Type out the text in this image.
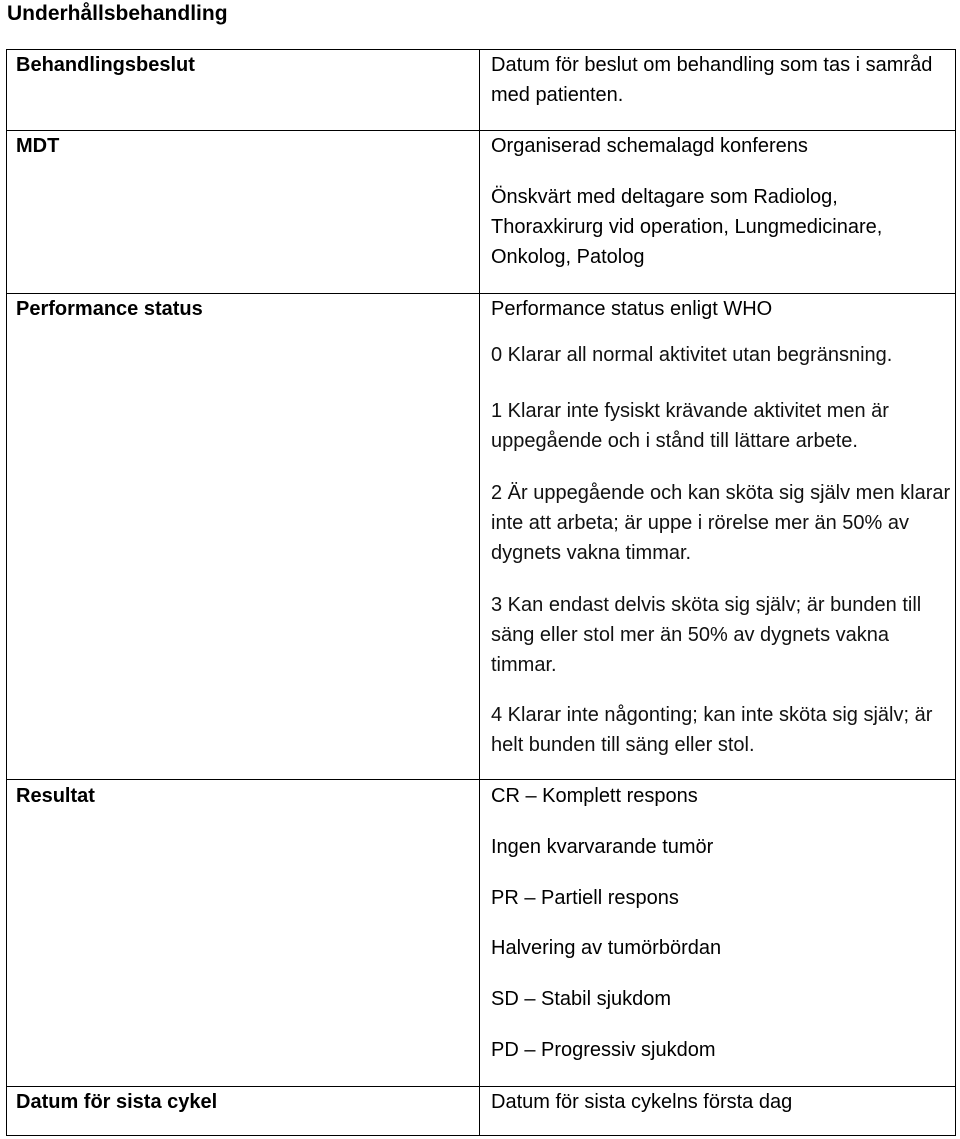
Underhållsbehandling
Behandlingsbeslut	Datum för beslut om behandling som tas i samråd med patienten.
MDT	Organiserad schemalagd konferens
Önskvärt med deltagare som Radiolog, Thoraxkirurg vid operation, Lungmedicinare, Onkolog, Patolog
Performance status	Performance status enligt WHO
0 Klarar all normal aktivitet utan begränsning.
1 Klarar inte fysiskt krävande aktivitet men är uppegående och i stånd till lättare arbete.
2 Är uppegående och kan sköta sig själv men klarar inte att arbeta; är uppe i rörelse mer än 50% av dygnets vakna timmar.
3 Kan endast delvis sköta sig själv; är bunden till säng eller stol mer än 50% av dygnets vakna timmar.
4 Klarar inte någonting; kan inte sköta sig själv; är helt bunden till säng eller stol.
Resultat	CR – Komplett respons
Ingen kvarvarande tumör
PR – Partiell respons
Halvering av tumörbördan
SD – Stabil sjukdom
PD – Progressiv sjukdom
Datum för sista cykel	Datum för sista cykelns första dag
